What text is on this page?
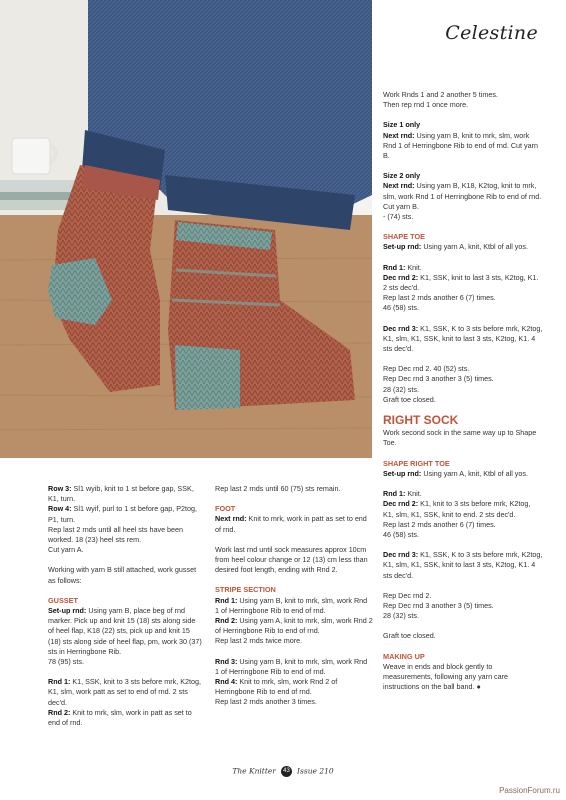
Celestine

Work Rnds 1 and 2 another 5 times.
Then rep rnd 1 once more.

Size 1 only
Next rnd: Using yarn B, knit to mrk, slm, work Rnd 1 of Herringbone Rib to end of rnd. Cut yarn B.

Size 2 only
Next rnd: Using yarn B, K18, K2tog, knit to mrk, slm, work Rnd 1 of Herringbone Rib to end of rnd. Cut yarn B.
- (74) sts.

SHAPE TOE

Set-up rnd: Using yarn A, knit, Ktbl of all yos.

Rnd 1: Knit.
Dec rnd 2: K1, SSK, knit to last 3 sts, K2tog, K1. 2 sts dec'd.
Rep last 2 rnds another 6 (7) times.
46 (58) sts.

Dec rnd 3: K1, SSK, K to 3 sts before mrk, K2tog, K1, slm, K1, SSK, knit to last 3 sts, K2tog, K1. 4 sts dec'd.

Rep Dec rnd 2. 40 (52) sts.
Rep Dec rnd 3 another 3 (5) times.
28 (32) sts.
Graft toe closed.

RIGHT SOCK

Work second sock in the same way up to Shape Toe.

SHAPE RIGHT TOE

Set-up rnd: Using yarn A, knit, Ktbl of all yos.

Rnd 1: Knit.
Dec rnd 2: K1, knit to 3 sts before mrk, K2tog, K1, slm, K1, SSK, knit to end. 2 sts dec'd.
Rep last 2 rnds another 6 (7) times.
46 (58) sts.

Dec rnd 3: K1, SSK, K to 3 sts before mrk, K2tog, K1, slm, K1, SSK, knit to last 3 sts, K2tog, K1. 4 sts dec'd.

Rep Dec rnd 2.
Rep Dec rnd 3 another 3 (5) times.
28 (32) sts.

Graft toe closed.

MAKING UP

Weave in ends and block gently to measurements, following any yarn care instructions on the ball band. ●

Row 3: Sl1 wyib, knit to 1 st before gap, SSK, K1, turn.
Row 4: Sl1 wyif, purl to 1 st before gap, P2tog, P1, turn.
Rep last 2 rnds until all heel sts have been worked. 18 (23) heel sts rem.
Cut yarn A.

Working with yarn B still attached, work gusset as follows:

GUSSET

Set-up rnd: Using yarn B, place beg of rnd marker. Pick up and knit 15 (18) sts along side of heel flap, K18 (22) sts, pick up and knit 15 (18) sts along side of heel flap, pm, work 30 (37) sts in Herringbone Rib.
78 (95) sts.

Rnd 1: K1, SSK, knit to 3 sts before mrk, K2tog, K1, slm, work patt as set to end of rnd. 2 sts dec'd.
Rnd 2: Knit to mrk, slm, work in patt as set to end of rnd.

Rep last 2 rnds until 60 (75) sts remain.

FOOT

Next rnd: Knit to mrk, work in patt as set to end of rnd.

Work last rnd until sock measures approx 10cm from heel colour change or 12 (13) cm less than desired foot length, ending with Rnd 2.

STRIPE SECTION

Rnd 1: Using yarn B, knit to mrk, slm, work Rnd 1 of Herringbone Rib to end of rnd.
Rnd 2: Using yarn A, knit to mrk, slm, work Rnd 2 of Herringbone Rib to end of rnd.
Rep last 2 rnds twice more.

Rnd 3: Using yarn B, knit to mrk, slm, work Rnd 1 of Herringbone Rib to end of rnd.
Rnd 4: Knit to mrk, slm, work Rnd 2 of Herringbone Rib to end of rnd.
Rep last 2 rnds another 3 times.

The Knitter 43 Issue 210
PassionForum.ru
